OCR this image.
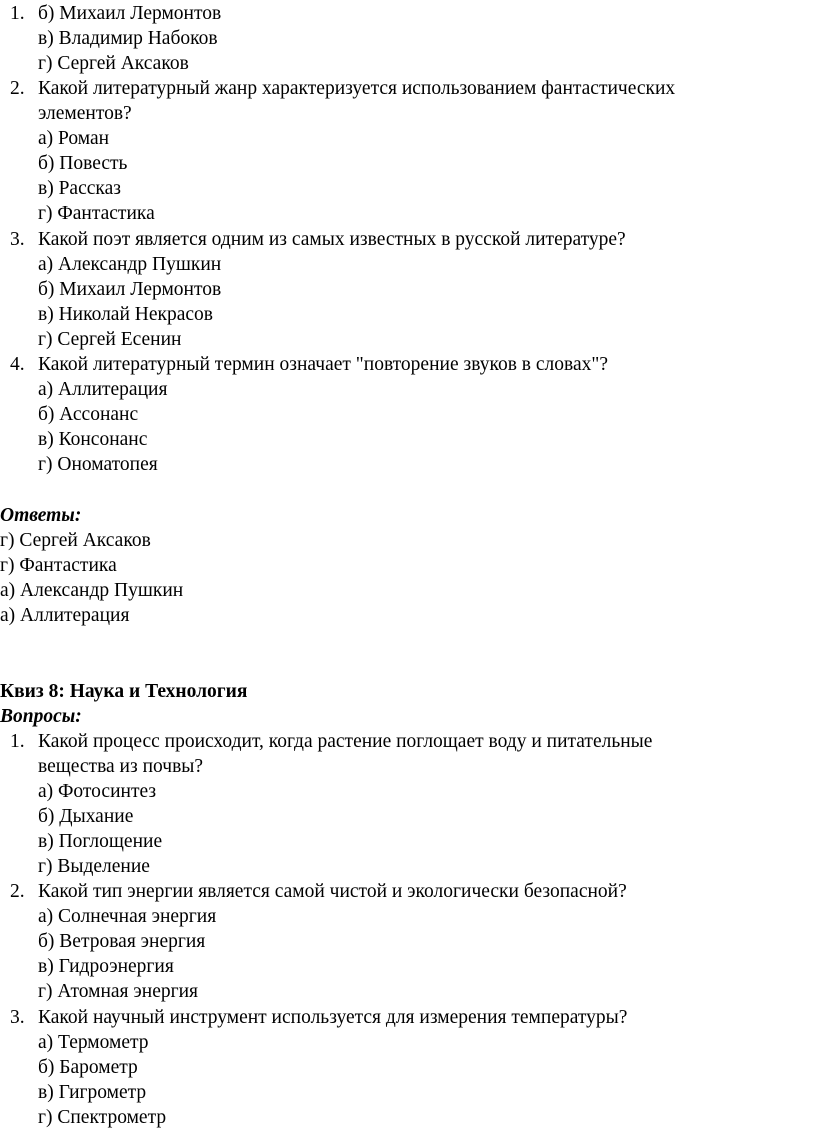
1. б) Михаил Лермонтов
в) Владимир Набоков
г) Сергей Аксаков
2. Какой литературный жанр характеризуется использованием фантастических
элементов?
а) Роман
б) Повесть
в) Рассказ
г) Фантастика
3. Какой поэт является одним из самых известных в русской литературе?
а) Александр Пушкин
б) Михаил Лермонтов
в) Николай Некрасов
г) Сергей Есенин
4. Какой литературный термин означает "повторение звуков в словах"?
а) Аллитерация
б) Ассонанс
в) Консонанс
г) Ономатопея
Ответы:
г) Сергей Аксаков
г) Фантастика
а) Александр Пушкин
а) Аллитерация
Квиз 8: Наука и Технология
Вопросы:
1. Какой процесс происходит, когда растение поглощает воду и питательные
вещества из почвы?
а) Фотосинтез
б) Дыхание
в) Поглощение
г) Выделение
2. Какой тип энергии является самой чистой и экологически безопасной?
а) Солнечная энергия
б) Ветровая энергия
в) Гидроэнергия
г) Атомная энергия
3. Какой научный инструмент используется для измерения температуры?
а) Термометр
б) Барометр
в) Гигрометр
г) Спектрометр
